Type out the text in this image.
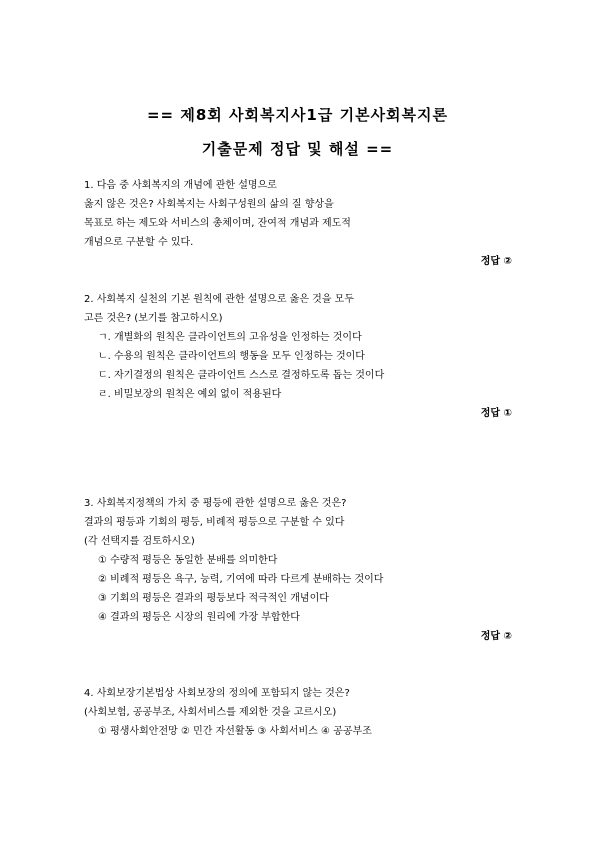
== 제8회 사회복지사1급 기본사회복지론
기출문제 정답 및 해설 ==

1. 다음 중 사회복지의 개념에 관한 설명으로

옳지 않은 것은? 사회복지는 사회구성원의 삶의 질 향상을

목표로 하는 제도와 서비스의 총체이며, 잔여적 개념과 제도적

개념으로 구분할 수 있다.

정답 ②

2. 사회복지 실천의 기본 원칙에 관한 설명으로 옳은 것을 모두

고른 것은? (보기를 참고하시오)

ㄱ. 개별화의 원칙은 클라이언트의 고유성을 인정하는 것이다

ㄴ. 수용의 원칙은 클라이언트의 행동을 모두 인정하는 것이다

ㄷ. 자기결정의 원칙은 클라이언트 스스로 결정하도록 돕는 것이다

ㄹ. 비밀보장의 원칙은 예외 없이 적용된다

정답 ①

3. 사회복지정책의 가치 중 평등에 관한 설명으로 옳은 것은?

결과의 평등과 기회의 평등, 비례적 평등으로 구분할 수 있다

(각 선택지를 검토하시오)

① 수량적 평등은 동일한 분배를 의미한다

② 비례적 평등은 욕구, 능력, 기여에 따라 다르게 분배하는 것이다

③ 기회의 평등은 결과의 평등보다 적극적인 개념이다

④ 결과의 평등은 시장의 원리에 가장 부합한다

정답 ②

4. 사회보장기본법상 사회보장의 정의에 포함되지 않는 것은?

(사회보험, 공공부조, 사회서비스를 제외한 것을 고르시오)

① 평생사회안전망 ② 민간 자선활동 ③ 사회서비스 ④ 공공부조
